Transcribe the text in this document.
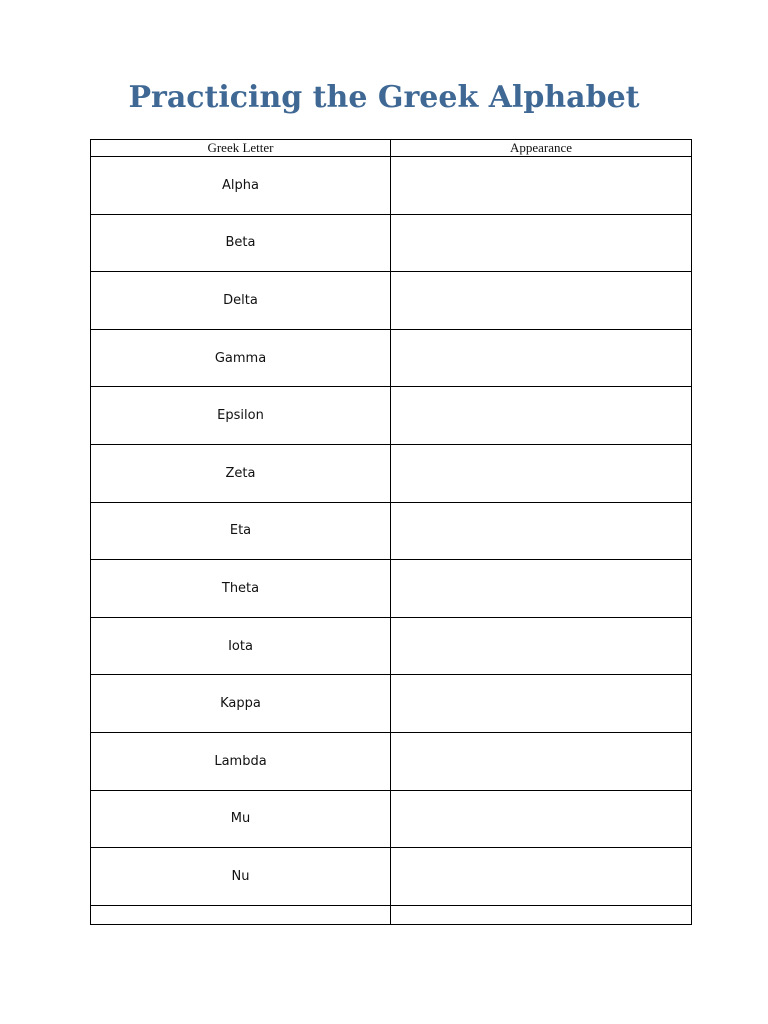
Practicing the Greek Alphabet
Greek Letter	Appearance
Alpha	
Beta	
Delta	
Gamma	
Epsilon	
Zeta	
Eta	
Theta	
Iota	
Kappa	
Lambda	
Mu	
Nu	
